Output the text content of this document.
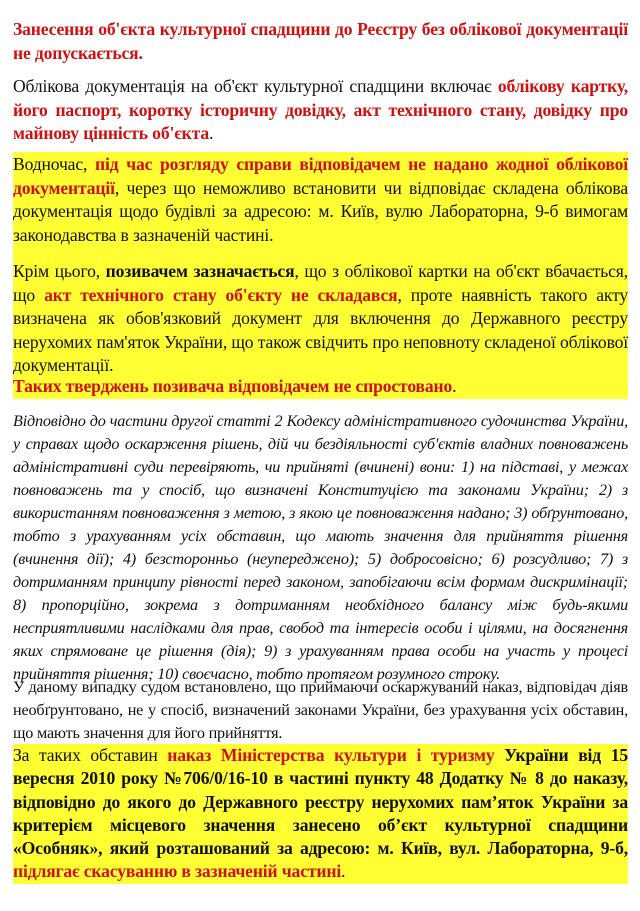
Занесення об'єкта культурної спадщини до Реєстру без облікової документації не допускається.

Облікова документація на об'єкт культурної спадщини включає облікову картку, його паспорт, коротку історичну довідку, акт технічного стану, довідку про майнову цінність об'єкта.

Водночас, під час розгляду справи відповідачем не надано жодної облікової документації, через що неможливо встановити чи відповідає складена облікова документація щодо будівлі за адресою: м. Київ, вулю Лабораторна, 9-б вимогам законодавства в зазначеній частині.

Крім цього, позивачем зазначається, що з облікової картки на об'єкт вбачається, що акт технічного стану об'єкту не складався, проте наявність такого акту визначена як обов'язковий документ для включення до Державного реєстру нерухомих пам'яток України, що також свідчить про неповноту складеної облікової документації.

Таких тверджень позивача відповідачем не спростовано.

Відповідно до частини другої статті 2 Кодексу адміністративного судочинства України, у справах щодо оскарження рішень, дій чи бездіяльності суб'єктів владних повноважень адміністративні суди перевіряють, чи прийняті (вчинені) вони: 1) на підставі, у межах повноважень та у спосіб, що визначені Конституцією та законами України; 2) з використанням повноваження з метою, з якою це повноваження надано; 3) обґрунтовано, тобто з урахуванням усіх обставин, що мають значення для прийняття рішення (вчинення дії); 4) безсторонньо (неупереджено); 5) добросовісно; 6) розсудливо; 7) з дотриманням принципу рівності перед законом, запобігаючи всім формам дискримінації; 8) пропорційно, зокрема з дотриманням необхідного балансу між будь-якими несприятливими наслідками для прав, свобод та інтересів особи і цілями, на досягнення яких спрямоване це рішення (дія); 9) з урахуванням права особи на участь у процесі прийняття рішення; 10) своєчасно, тобто протягом розумного строку.

У даному випадку судом встановлено, що приймаючи оскаржуваний наказ, відповідач діяв необґрунтовано, не у спосіб, визначений законами України, без урахування усіх обставин, що мають значення для його прийняття.

За таких обставин наказ Міністерства культури і туризму України від 15 вересня 2010 року №706/0/16-10 в частині пункту 48 Додатку № 8 до наказу, відповідно до якого до Державного реєстру нерухомих пам’яток України за критерієм місцевого значення занесено об’єкт культурної спадщини «Особняк», який розташований за адресою: м. Київ, вул. Лабораторна, 9-б, підлягає скасуванню в зазначеній частині.
